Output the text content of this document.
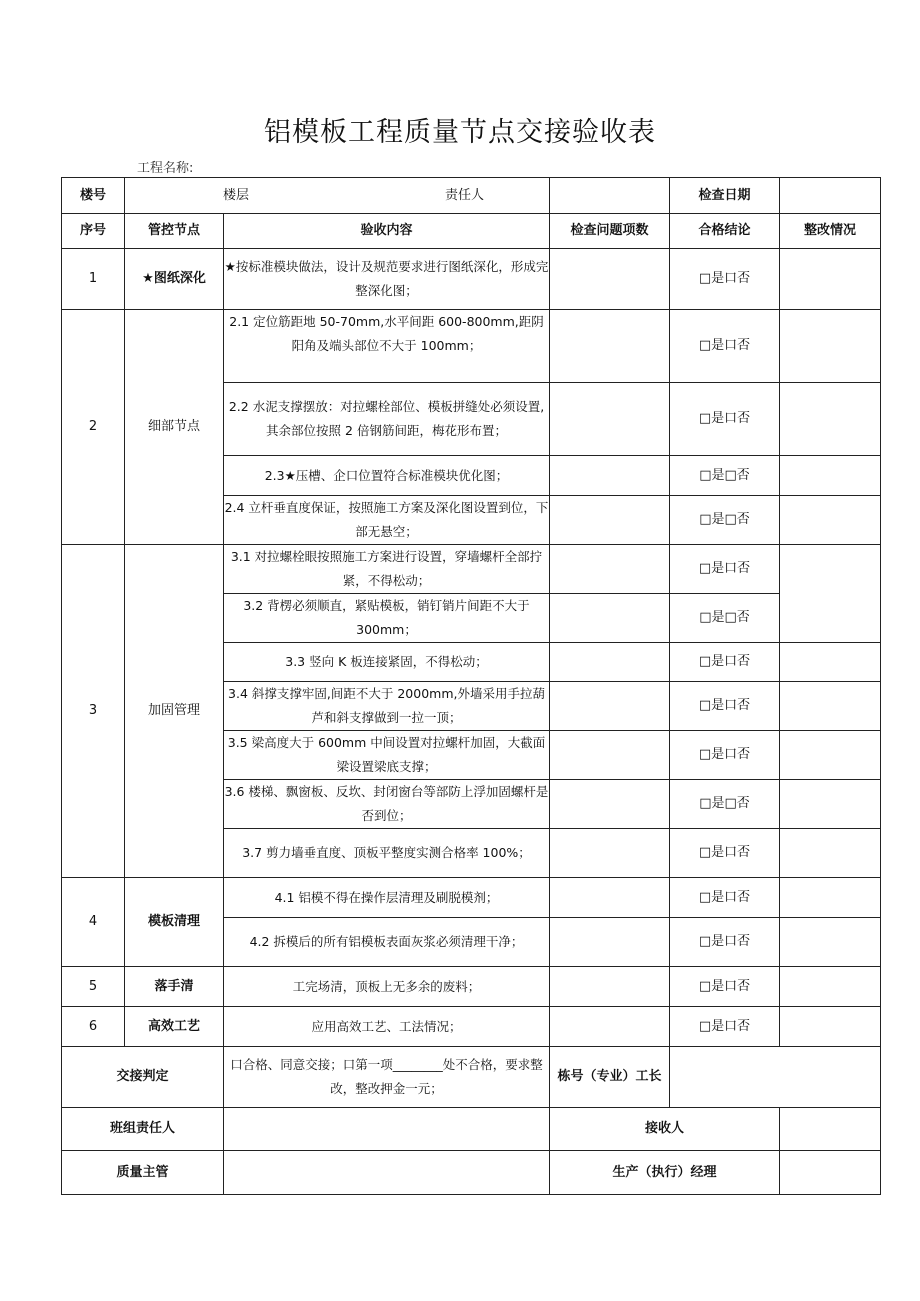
铝模板工程质量节点交接验收表
工程名称:
楼号	楼层 责任人			检查日期	
序号	管控节点	验收内容	检查问题项数	合格结论	整改情况
1	★图纸深化	★按标准模块做法，设计及规范要求进行图纸深化，形成完整深化图；		□是口否	
2	细部节点	2.1 定位筋距地 50-70mm,水平间距 600-800mm,距阴阳角及端头部位不大于 100mm；		□是口否	
		2.2 水泥支撑摆放：对拉螺栓部位、模板拼缝处必须设置,其余部位按照 2 倍钢筋间距，梅花形布置；		□是口否	
		2.3★压槽、企口位置符合标准模块优化图；		□是□否	
		2.4 立杆垂直度保证，按照施工方案及深化图设置到位，下部无悬空；		□是□否	
3	加固管理	3.1 对拉螺栓眼按照施工方案进行设置，穿墙螺杆全部拧紧，不得松动；		□是口否	
		3.2 背楞必须顺直，紧贴模板，销钉销片间距不大于 300mm；		□是□否	
		3.3 竖向 K 板连接紧固，不得松动；		□是口否	
		3.4 斜撑支撑牢固,间距不大于 2000mm,外墙采用手拉葫芦和斜支撑做到一拉一顶；		□是口否	
		3.5 梁高度大于 600mm 中间设置对拉螺杆加固，大截面梁设置梁底支撑；		□是口否	
		3.6 楼梯、飘窗板、反坎、封闭窗台等部防上浮加固螺杆是否到位；		□是□否	
		3.7 剪力墙垂直度、顶板平整度实测合格率 100%；		□是口否	
4	模板清理	4.1 铝模不得在操作层清理及刷脱模剂；		□是口否	
		4.2 拆模后的所有铝模板表面灰浆必须清理干净；		□是口否	
5	落手清	工完场清，顶板上无多余的废料；		□是口否	
6	高效工艺	应用高效工艺、工法情况；		□是口否	
交接判定		口合格、同意交接；口第一项________处不合格，要求整改，整改押金一元；	栋号（专业）工长		
班组责任人			接收人		
质量主管			生产（执行）经理		
